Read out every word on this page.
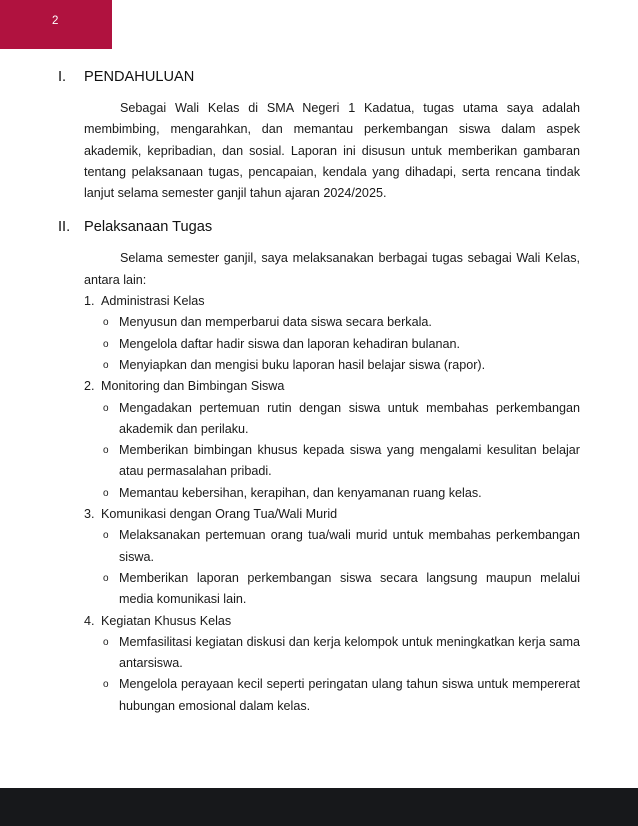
2
I. PENDAHULUAN

Sebagai Wali Kelas di SMA Negeri 1 Kadatua, tugas utama saya adalah membimbing, mengarahkan, dan memantau perkembangan siswa dalam aspek akademik, kepribadian, dan sosial. Laporan ini disusun untuk memberikan gambaran tentang pelaksanaan tugas, pencapaian, kendala yang dihadapi, serta rencana tindak lanjut selama semester ganjil tahun ajaran 2024/2025.

II. Pelaksanaan Tugas

Selama semester ganjil, saya melaksanakan berbagai tugas sebagai Wali Kelas, antara lain:

1. Administrasi Kelas
o Menyusun dan memperbarui data siswa secara berkala.
o Mengelola daftar hadir siswa dan laporan kehadiran bulanan.
o Menyiapkan dan mengisi buku laporan hasil belajar siswa (rapor).
2. Monitoring dan Bimbingan Siswa
o Mengadakan pertemuan rutin dengan siswa untuk membahas perkembangan akademik dan perilaku.
o Memberikan bimbingan khusus kepada siswa yang mengalami kesulitan belajar atau permasalahan pribadi.
o Memantau kebersihan, kerapihan, dan kenyamanan ruang kelas.
3. Komunikasi dengan Orang Tua/Wali Murid
o Melaksanakan pertemuan orang tua/wali murid untuk membahas perkembangan siswa.
o Memberikan laporan perkembangan siswa secara langsung maupun melalui media komunikasi lain.
4. Kegiatan Khusus Kelas
o Memfasilitasi kegiatan diskusi dan kerja kelompok untuk meningkatkan kerja sama antarsiswa.
o Mengelola perayaan kecil seperti peringatan ulang tahun siswa untuk mempererat hubungan emosional dalam kelas.
